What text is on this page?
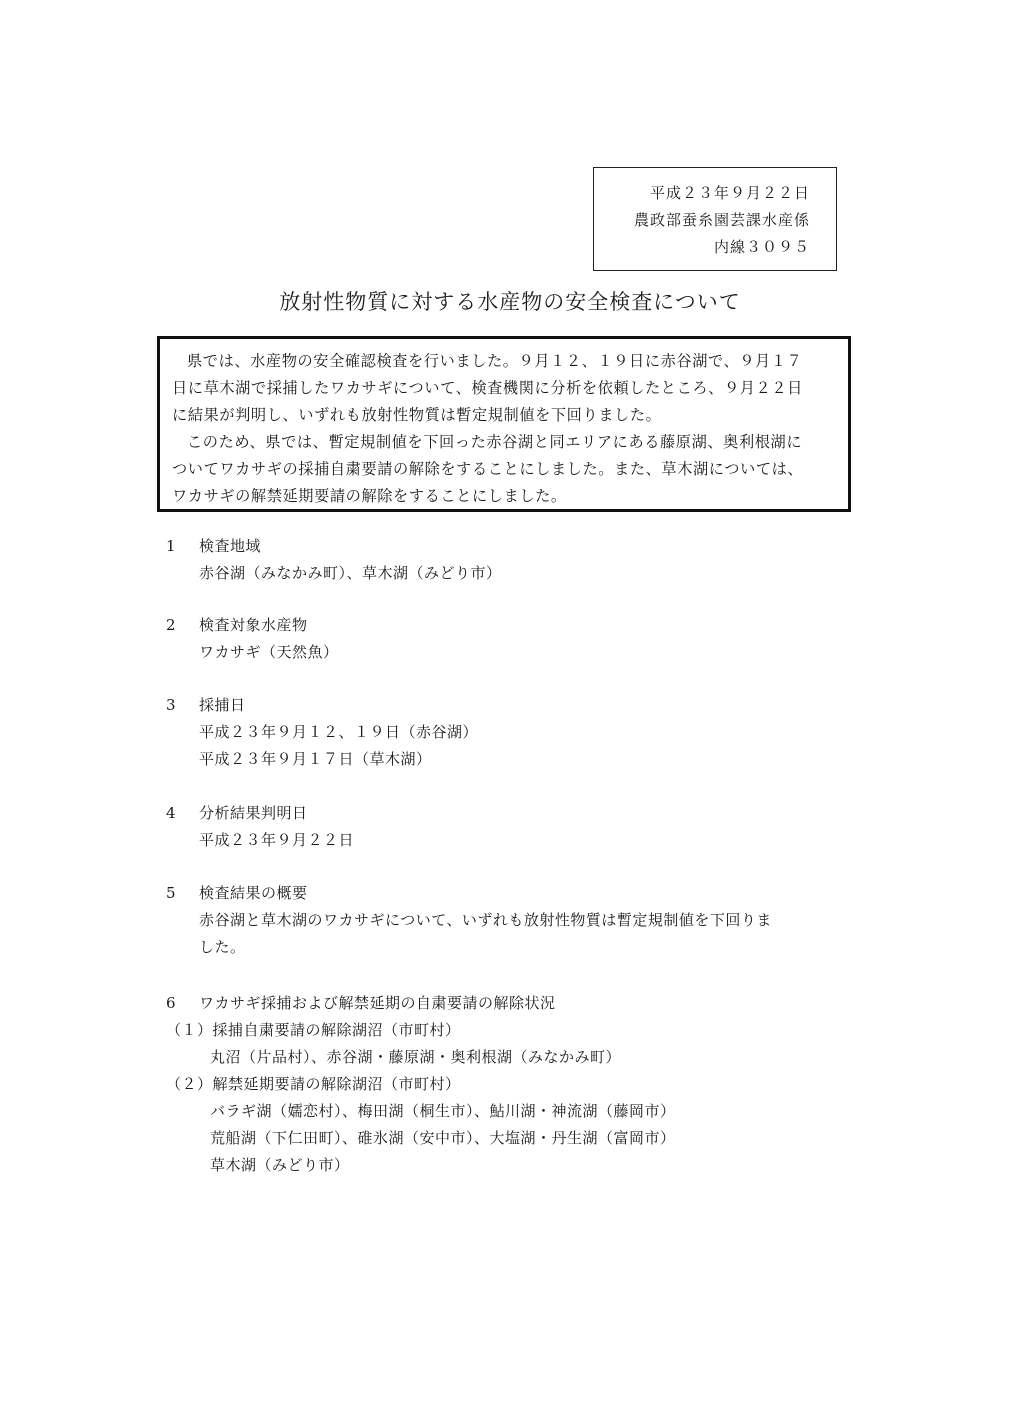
平成２３年９月２２日
農政部蚕糸園芸課水産係
内線３０９５
放射性物質に対する水産物の安全検査について
県では、水産物の安全確認検査を行いました。９月１２、１９日に赤谷湖で、９月１７
日に草木湖で採捕したワカサギについて、検査機関に分析を依頼したところ、９月２２日
に結果が判明し、いずれも放射性物質は暫定規制値を下回りました。
このため、県では、暫定規制値を下回った赤谷湖と同エリアにある藤原湖、奥利根湖に
ついてワカサギの採捕自粛要請の解除をすることにしました。また、草木湖については、
ワカサギの解禁延期要請の解除をすることにしました。
1 検査地域
赤谷湖（みなかみ町）、草木湖（みどり市）
2 検査対象水産物
ワカサギ（天然魚）
3 採捕日
平成２３年９月１２、１９日（赤谷湖）
平成２３年９月１７日（草木湖）
4 分析結果判明日
平成２３年９月２２日
5 検査結果の概要
赤谷湖と草木湖のワカサギについて、いずれも放射性物質は暫定規制値を下回りま
した。
6 ワカサギ採捕および解禁延期の自粛要請の解除状況
（１）採捕自粛要請の解除湖沼（市町村）
丸沼（片品村）、赤谷湖・藤原湖・奥利根湖（みなかみ町）
（２）解禁延期要請の解除湖沼（市町村）
バラギ湖（嬬恋村）、梅田湖（桐生市）、鮎川湖・神流湖（藤岡市）
荒船湖（下仁田町）、碓氷湖（安中市）、大塩湖・丹生湖（富岡市）
草木湖（みどり市）
